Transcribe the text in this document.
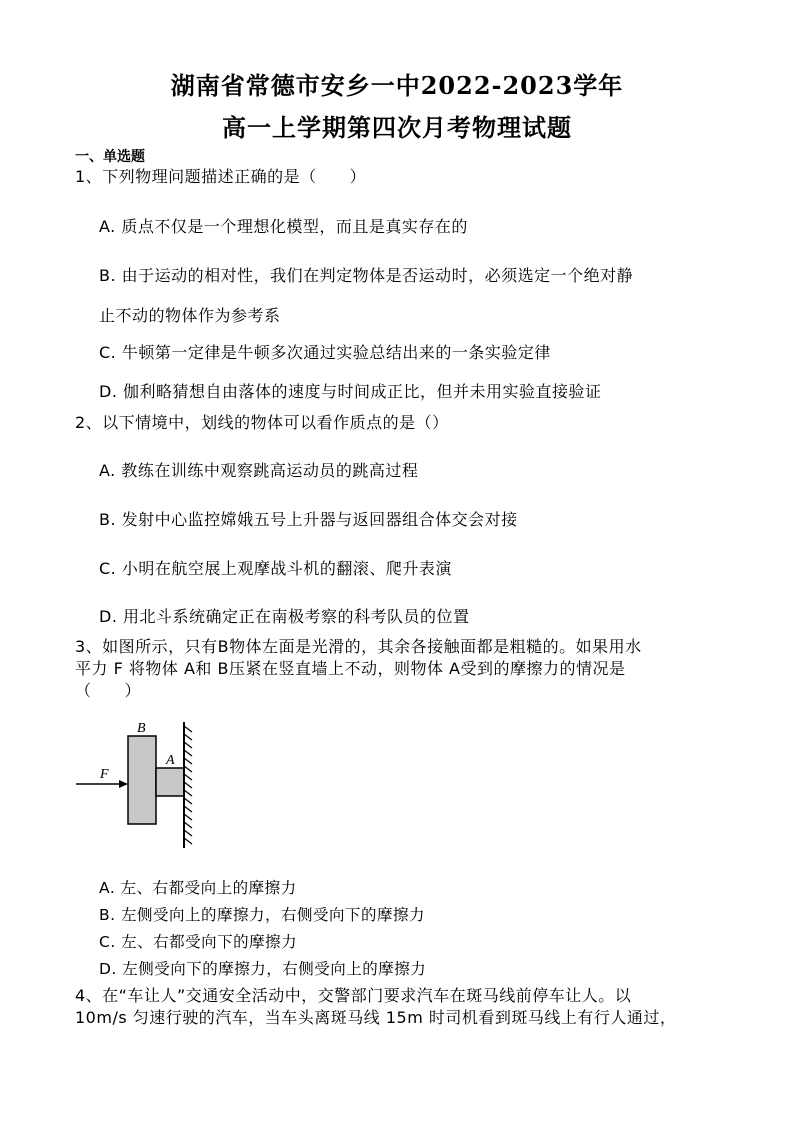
湖南省常德市安乡一中2022-2023学年
高一上学期第四次月考物理试题
一、单选题
1、下列物理问题描述正确的是（　　）
A. 质点不仅是一个理想化模型，而且是真实存在的
B. 由于运动的相对性，我们在判定物体是否运动时，必须选定一个绝对静
止不动的物体作为参考系
C. 牛顿第一定律是牛顿多次通过实验总结出来的一条实验定律
D. 伽利略猜想自由落体的速度与时间成正比，但并未用实验直接验证
2、以下情境中，划线的物体可以看作质点的是（）
A. 教练在训练中观察跳高运动员的跳高过程
B. 发射中心监控嫦娥五号上升器与返回器组合体交会对接
C. 小明在航空展上观摩战斗机的翻滚、爬升表演
D. 用北斗系统确定正在南极考察的科考队员的位置
3、如图所示，只有B物体左面是光滑的，其余各接触面都是粗糙的。如果用水
平力 F 将物体 A和 B压紧在竖直墙上不动，则物体 A受到的摩擦力的情况是
（　　）
F
B
A
A. 左、右都受向上的摩擦力
B. 左侧受向上的摩擦力，右侧受向下的摩擦力
C. 左、右都受向下的摩擦力
D. 左侧受向下的摩擦力，右侧受向上的摩擦力
4、在“车让人”交通安全活动中，交警部门要求汽车在斑马线前停车让人。以
10m/s 匀速行驶的汽车，当车头离斑马线 15m 时司机看到斑马线上有行人通过，
